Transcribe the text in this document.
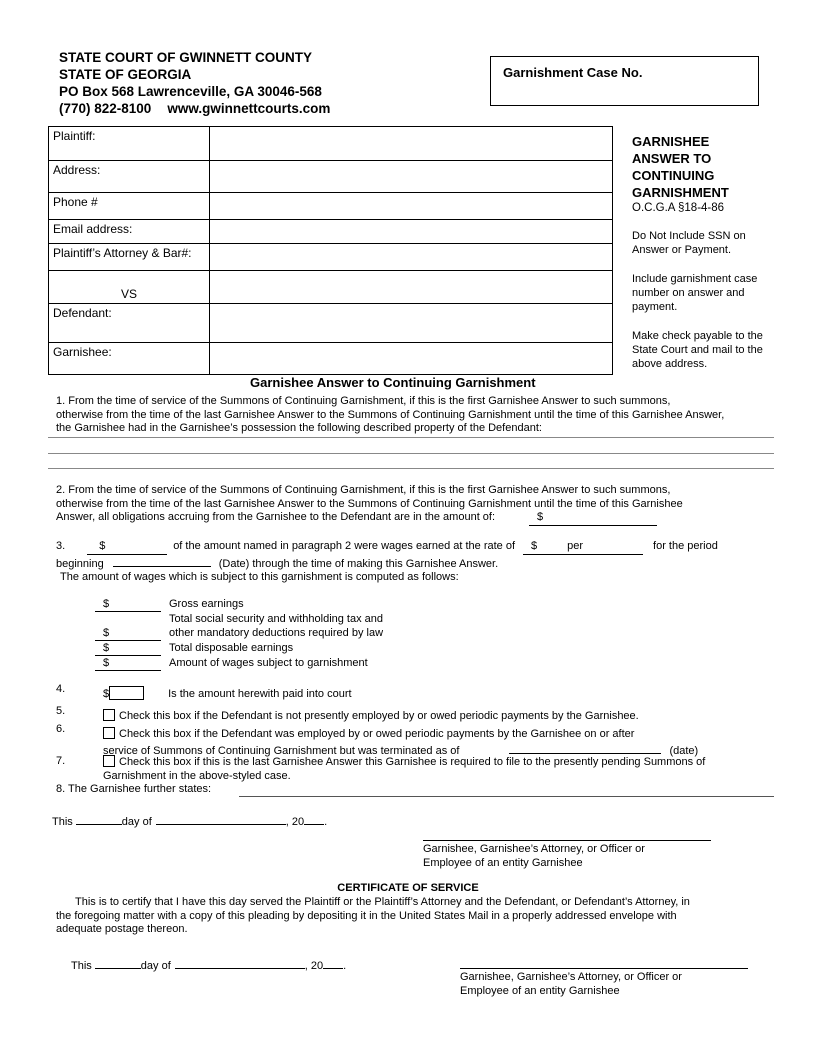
STATE COURT OF GWINNETT COUNTY
STATE OF GEORGIA
PO Box 568 Lawrenceville, GA 30046-568
(770) 822-8100 www.gwinnettcourts.com
Garnishment Case No.
Plaintiff:	
Address:	
Phone #	
Email address:	
Plaintiff’s Attorney & Bar#:	

VS	

Defendant:	
Garnishee:	
GARNISHEE
ANSWER TO
CONTINUING
GARNISHMENT
O.C.G.A §18-4-86
Do Not Include SSN on Answer or Payment.
Include garnishment case number on answer and payment.
Make check payable to the State Court and mail to the above address.
Garnishee Answer to Continuing Garnishment
1. From the time of service of the Summons of Continuing Garnishment, if this is the first Garnishee Answer to such summons,
otherwise from the time of the last Garnishee Answer to the Summons of Continuing Garnishment until the time of this Garnishee Answer,
the Garnishee had in the Garnishee’s possession the following described property of the Defendant:
2. From the time of service of the Summons of Continuing Garnishment, if this is the first Garnishee Answer to such summons,
otherwise from the time of the last Garnishee Answer to the Summons of Continuing Garnishment until the time of this Garnishee
Answer, all obligations accruing from the Garnishee to the Defendant are in the amount of:	$
3.	$	of the amount named in paragraph 2 were wages earned at the rate of $	per	for the period
beginning	(Date) through the time of making this Garnishee Answer.
The amount of wages which is subject to this garnishment is computed as follows:
$	Gross earnings
Total social security and withholding tax and
$	other mandatory deductions required by law
$	Total disposable earnings
$	Amount of wages subject to garnishment
4.	$	Is the amount herewith paid into court
5.	Check this box if the Defendant is not presently employed by or owed periodic payments by the Garnishee.
6.	Check this box if the Defendant was employed by or owed periodic payments by the Garnishee on or after
service of Summons of Continuing Garnishment but was terminated as of	(date)
7.	Check this box if this is the last Garnishee Answer this Garnishee is required to file to the presently pending Summons of
Garnishment in the above-styled case.
8. The Garnishee further states:
This	day of	, 20 .
Garnishee, Garnishee’s Attorney, or Officer or
Employee of an entity Garnishee
CERTIFICATE OF SERVICE
This is to certify that I have this day served the Plaintiff or the Plaintiff’s Attorney and the Defendant, or Defendant’s Attorney, in
the foregoing matter with a copy of this pleading by depositing it in the United States Mail in a properly addressed envelope with
adequate postage thereon.
This	day of	, 20 .
Garnishee, Garnishee’s Attorney, or Officer or
Employee of an entity Garnishee
